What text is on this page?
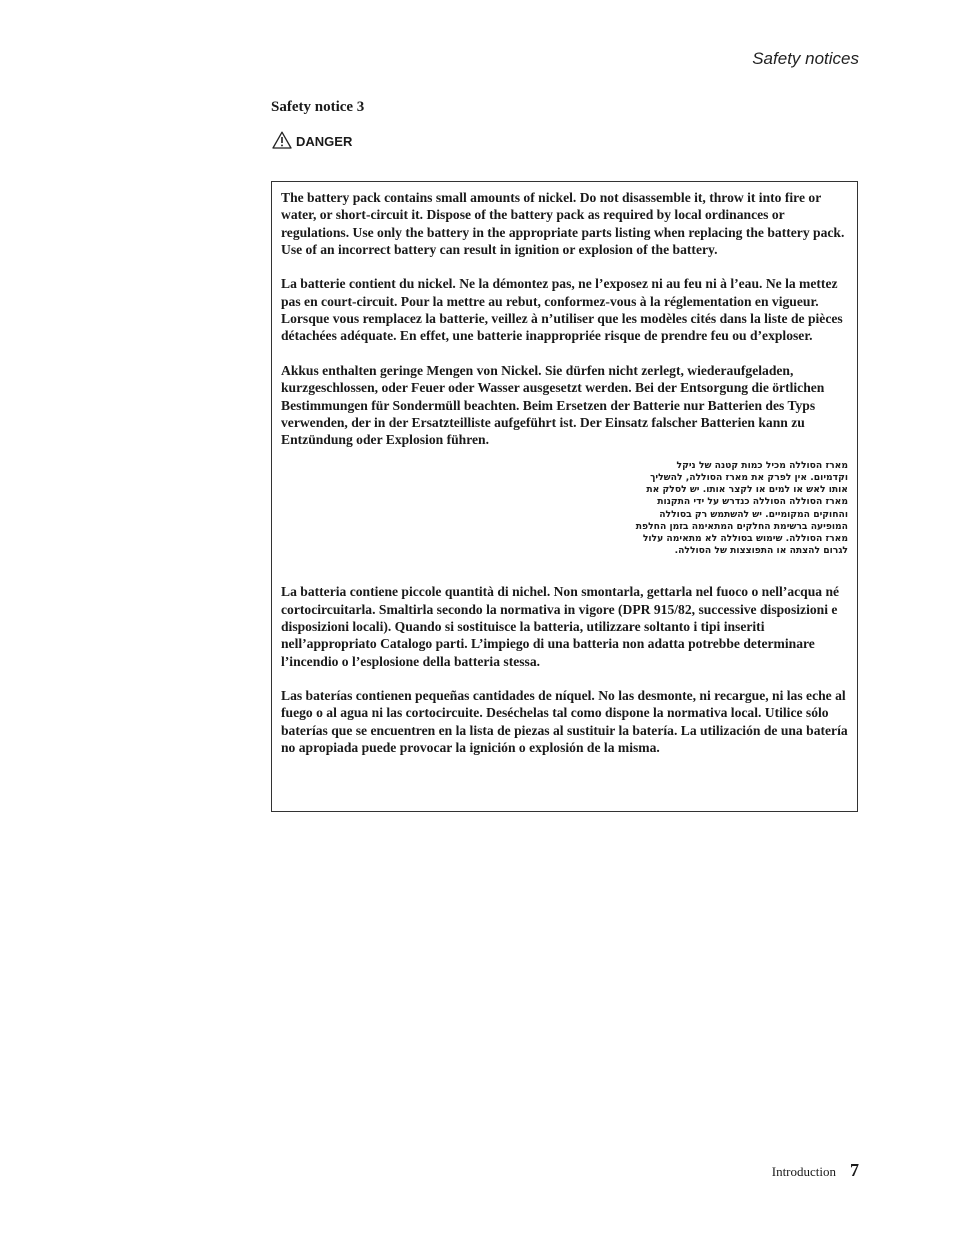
Safety notices
Safety notice 3
DANGER

The battery pack contains small amounts of nickel. Do not disassemble it, throw it into fire or water, or short-circuit it. Dispose of the battery pack as required by local ordinances or regulations. Use only the battery in the appropriate parts listing when replacing the battery pack. Use of an incorrect battery can result in ignition or explosion of the battery.

La batterie contient du nickel. Ne la démontez pas, ne l’exposez ni au feu ni à l’eau. Ne la mettez pas en court-circuit. Pour la mettre au rebut, conformez-vous à la réglementation en vigueur. Lorsque vous remplacez la batterie, veillez à n’utiliser que les modèles cités dans la liste de pièces détachées adéquate. En effet, une batterie inappropriée risque de prendre feu ou d’exploser.

Akkus enthalten geringe Mengen von Nickel. Sie dürfen nicht zerlegt, wiederaufgeladen, kurzgeschlossen, oder Feuer oder Wasser ausgesetzt werden. Bei der Entsorgung die örtlichen Bestimmungen für Sondermüll beachten. Beim Ersetzen der Batterie nur Batterien des Typs verwenden, der in der Ersatzteilliste aufgeführt ist. Der Einsatz falscher Batterien kann zu Entzündung oder Explosion führen.

מארז הסוללה מכיל כמות קטנה של ניקל
וקדמיום. אין לפרק את מארז הסוללה, להשליך
אותו לאש או למים או לקצר אותו. יש לסלק את
מארז הסוללה הסוללה כנדרש על ידי התקנות
והחוקים המקומיים. יש להשתמש רק בסוללה
המופיעה ברשימת החלקים המתאימה בזמן החלפת
מארז הסוללה. שימוש בסוללה לא מתאימה עלול
לגרום להצתה או התפוצצות של הסוללה.

La batteria contiene piccole quantità di nichel. Non smontarla, gettarla nel fuoco o nell’acqua né cortocircuitarla. Smaltirla secondo la normativa in vigore (DPR 915/82, successive disposizioni e disposizioni locali). Quando si sostituisce la batteria, utilizzare soltanto i tipi inseriti nell’appropriato Catalogo parti. L’impiego di una batteria non adatta potrebbe determinare l’incendio o l’esplosione della batteria stessa.

Las baterías contienen pequeñas cantidades de níquel. No las desmonte, ni recargue, ni las eche al fuego o al agua ni las cortocircuite. Deséchelas tal como dispone la normativa local. Utilice sólo baterías que se encuentren en la lista de piezas al sustituir la batería. La utilización de una batería no apropiada puede provocar la ignición o explosión de la misma.

Introduction 7
